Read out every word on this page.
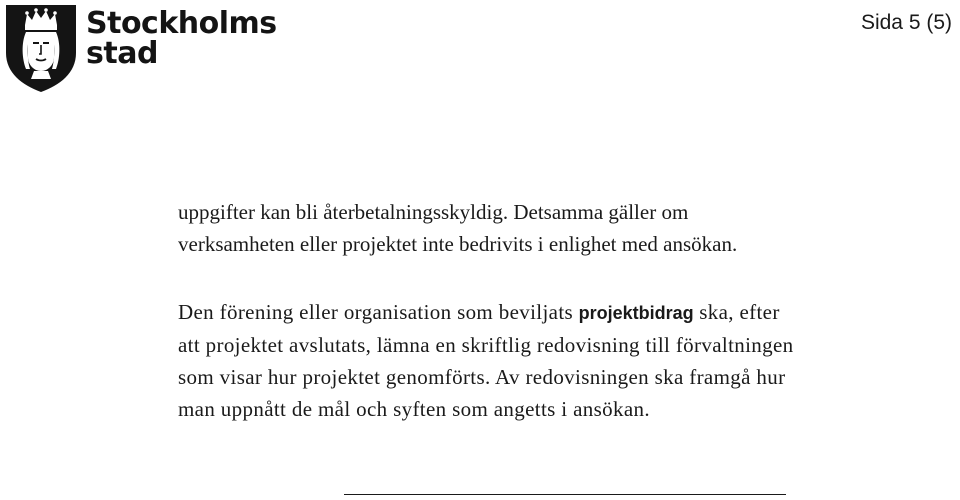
Stockholms
stad
Sida 5 (5)
uppgifter kan bli återbetalningsskyldig. Detsamma gäller om
verksamheten eller projektet inte bedrivits i enlighet med ansökan.
Den förening eller organisation som beviljats projektbidrag ska, efter
att projektet avslutats, lämna en skriftlig redovisning till förvaltningen
som visar hur projektet genomförts. Av redovisningen ska framgå hur
man uppnått de mål och syften som angetts i ansökan.
